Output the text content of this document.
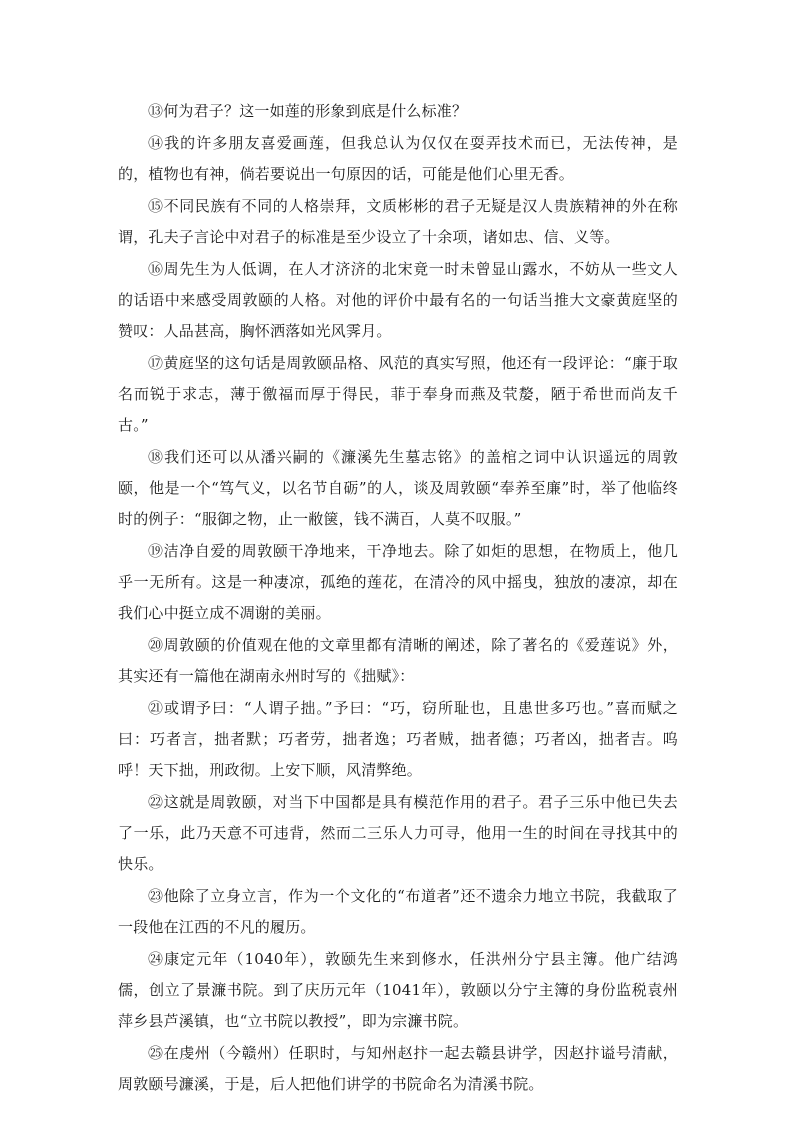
⑬何为君子？这一如莲的形象到底是什么标准？

⑭我的许多朋友喜爱画莲，但我总认为仅仅在耍弄技术而已，无法传神，是的，植物也有神，倘若要说出一句原因的话，可能是他们心里无香。

⑮不同民族有不同的人格崇拜，文质彬彬的君子无疑是汉人贵族精神的外在称谓，孔夫子言论中对君子的标准是至少设立了十余项，诸如忠、信、义等。

⑯周先生为人低调，在人才济济的北宋竟一时未曾显山露水，不妨从一些文人的话语中来感受周敦颐的人格。对他的评价中最有名的一句话当推大文豪黄庭坚的赞叹：人品甚高，胸怀洒落如光风霁月。

⑰黄庭坚的这句话是周敦颐品格、风范的真实写照，他还有一段评论：“廉于取名而锐于求志，薄于徼福而厚于得民，菲于奉身而燕及茕嫠，陋于希世而尚友千古。”

⑱我们还可以从潘兴嗣的《濂溪先生墓志铭》的盖棺之词中认识遥远的周敦颐，他是一个“笃气义，以名节自砺”的人，谈及周敦颐“奉养至廉”时，举了他临终时的例子：“服御之物，止一敝箧，钱不满百，人莫不叹服。”

⑲洁净自爱的周敦颐干净地来，干净地去。除了如炬的思想，在物质上，他几乎一无所有。这是一种凄凉，孤绝的莲花，在清冷的风中摇曳，独放的凄凉，却在我们心中挺立成不凋谢的美丽。

⑳周敦颐的价值观在他的文章里都有清晰的阐述，除了著名的《爱莲说》外，其实还有一篇他在湖南永州时写的《拙赋》：

㉑或谓予曰：“人谓子拙。”予曰：“巧，窃所耻也，且患世多巧也。”喜而赋之曰：巧者言，拙者默；巧者劳，拙者逸；巧者贼，拙者德；巧者凶，拙者吉。呜呼！天下拙，刑政彻。上安下顺，风清弊绝。

㉒这就是周敦颐，对当下中国都是具有模范作用的君子。君子三乐中他已失去了一乐，此乃天意不可违背，然而二三乐人力可寻，他用一生的时间在寻找其中的快乐。

㉓他除了立身立言，作为一个文化的“布道者”还不遗余力地立书院，我截取了一段他在江西的不凡的履历。

㉔康定元年（1040年），敦颐先生来到修水，任洪州分宁县主簿。他广结鸿儒，创立了景濂书院。到了庆历元年（1041年），敦颐以分宁主簿的身份监税袁州萍乡县芦溪镇，也“立书院以教授”，即为宗濂书院。

㉕在虔州（今赣州）任职时，与知州赵抃一起去赣县讲学，因赵抃谥号清献，周敦颐号濂溪，于是，后人把他们讲学的书院命名为清溪书院。
